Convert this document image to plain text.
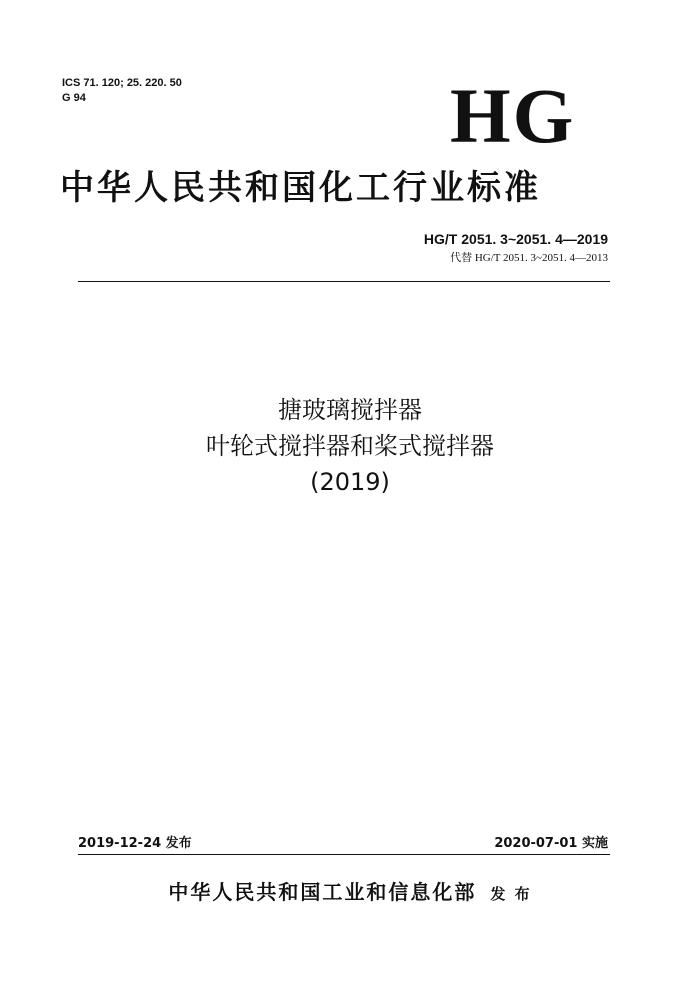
ICS 71. 120; 25. 220. 50
G 94	HG
中华人民共和国化工行业标准
HG/T 2051. 3~2051. 4—2019
代替 HG/T 2051. 3~2051. 4—2013
搪玻璃搅拌器
叶轮式搅拌器和桨式搅拌器
(2019)
2019-12-24 发布	2020-07-01 实施
中华人民共和国工业和信息化部 发 布
